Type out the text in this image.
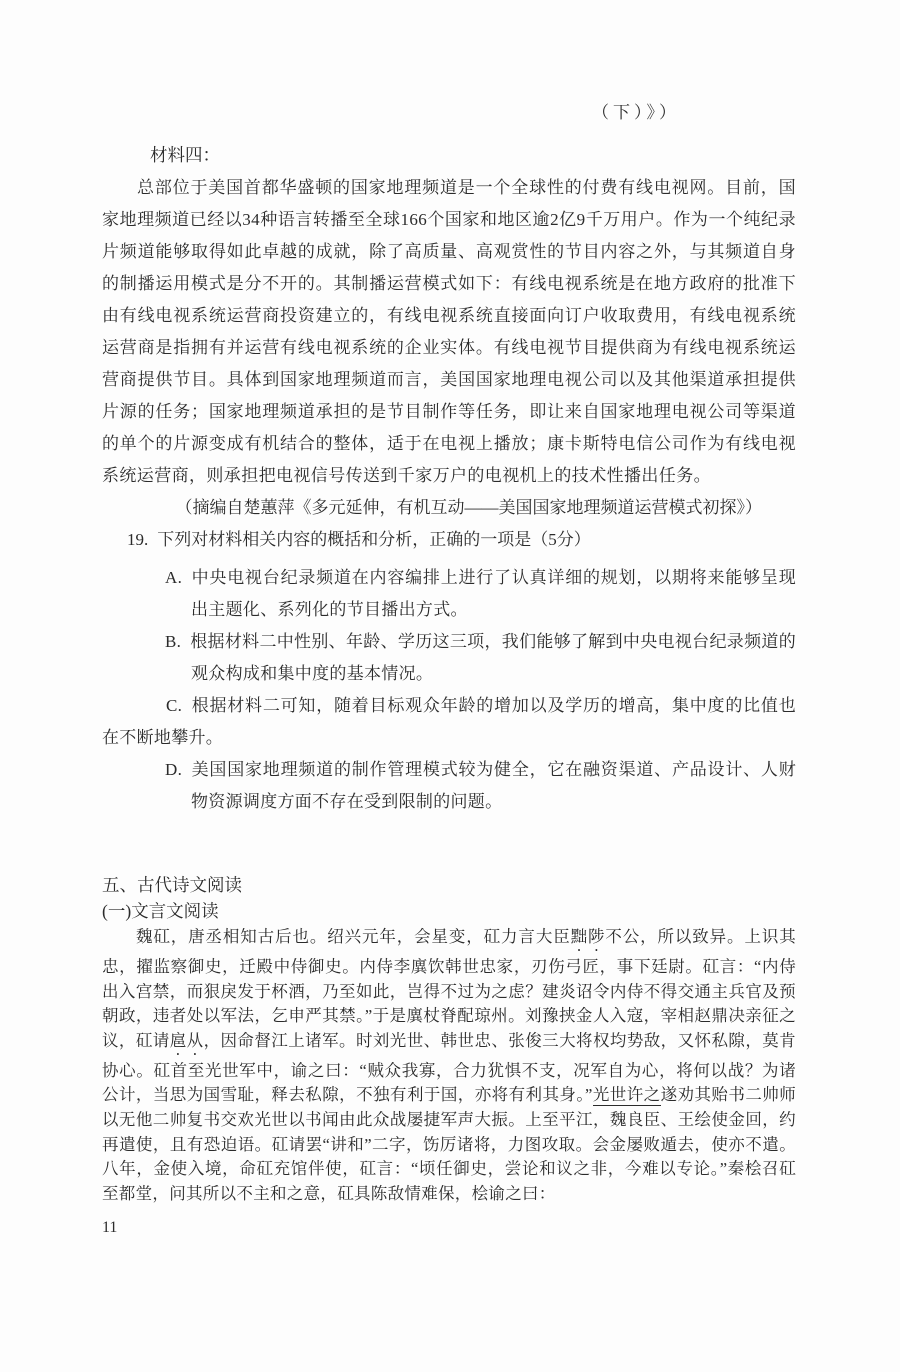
（下）》）
材料四：
总部位于美国首都华盛顿的国家地理频道是一个全球性的付费有线电视网。目前，国家地理频道已经以34种语言转播至全球166个国家和地区逾2亿9千万用户。作为一个纯纪录片频道能够取得如此卓越的成就，除了高质量、高观赏性的节目内容之外，与其频道自身的制播运用模式是分不开的。其制播运营模式如下：有线电视系统是在地方政府的批准下由有线电视系统运营商投资建立的，有线电视系统直接面向订户收取费用，有线电视系统运营商是指拥有并运营有线电视系统的企业实体。有线电视节目提供商为有线电视系统运营商提供节目。具体到国家地理频道而言，美国国家地理电视公司以及其他渠道承担提供片源的任务；国家地理频道承担的是节目制作等任务，即让来自国家地理电视公司等渠道的单个的片源变成有机结合的整体，适于在电视上播放；康卡斯特电信公司作为有线电视系统运营商，则承担把电视信号传送到千家万户的电视机上的技术性播出任务。
（摘编自楚蕙萍《多元延伸，有机互动——美国国家地理频道运营模式初探》）
19. 下列对材料相关内容的概括和分析，正确的一项是（5分）
A. 中央电视台纪录频道在内容编排上进行了认真详细的规划，以期将来能够呈现出主题化、系列化的节目播出方式。
B. 根据材料二中性别、年龄、学历这三项，我们能够了解到中央电视台纪录频道的观众构成和集中度的基本情况。
C. 根据材料二可知，随着目标观众年龄的增加以及学历的增高，集中度的比值也在不断地攀升。
D. 美国国家地理频道的制作管理模式较为健全，它在融资渠道、产品设计、人财物资源调度方面不存在受到限制的问题。
五、古代诗文阅读
(一)文言文阅读
魏矼，唐丞相知古后也。绍兴元年，会星变，矼力言大臣黜陟不公，所以致异。上识其忠，擢监察御史，迁殿中侍御史。内侍李廙饮韩世忠家，刃伤弓匠，事下廷尉。矼言：“内侍出入宫禁，而狠戾发于杯酒，乃至如此，岂得不过为之虑？建炎诏令内侍不得交通主兵官及预朝政，违者处以军法，乞申严其禁。”于是廙杖脊配琼州。刘豫挟金人入寇，宰相赵鼎决亲征之议，矼请扈从，因命督江上诸军。时刘光世、韩世忠、张俊三大将权均势敌，又怀私隙，莫肯协心。矼首至光世军中，谕之曰：“贼众我寡，合力犹惧不支，况军自为心，将何以战？为诸公计，当思为国雪耻，释去私隙，不独有利于国，亦将有利其身。”光世许之遂劝其贻书二帅师以无他二帅复书交欢光世以书闻由此众战屡捷军声大振。上至平江，魏良臣、王绘使金回，约再遣使，且有恐迫语。矼请罢“讲和”二字，饬厉诸将，力图攻取。会金屡败遁去，使亦不遣。八年，金使入境，命矼充馆伴使，矼言：“顷任御史，尝论和议之非，今难以专论。”秦桧召矼至都堂，问其所以不主和之意，矼具陈敌情难保，桧谕之曰：
11
